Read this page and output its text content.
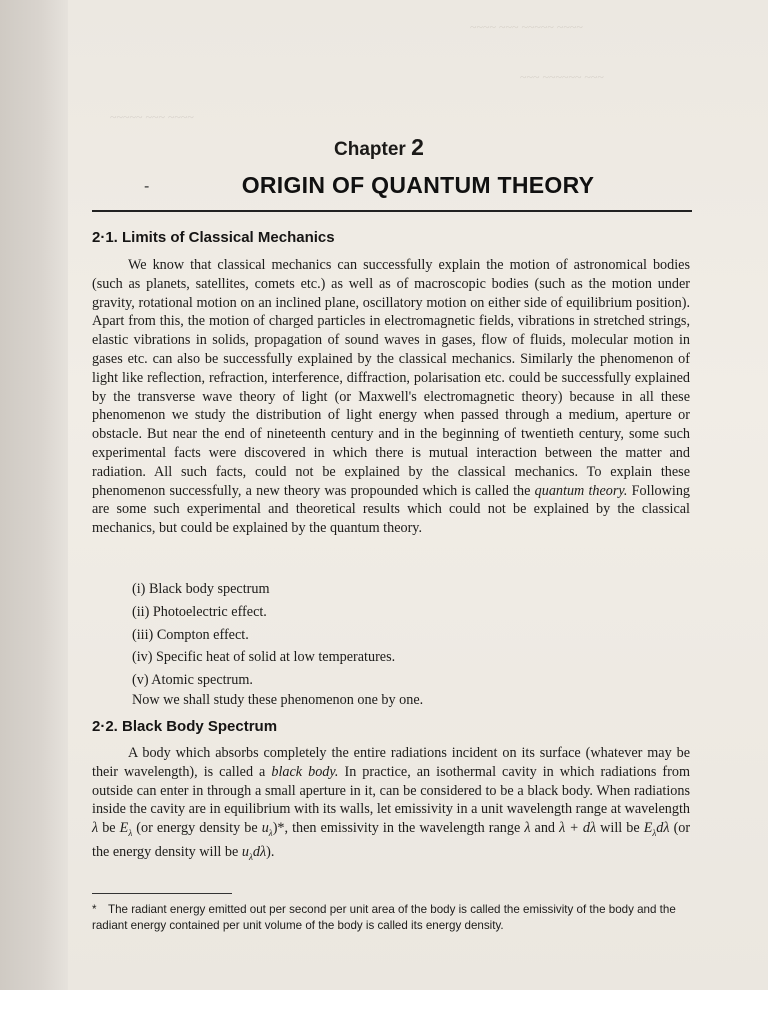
~~~~ ~~~ ~~~~~ ~~~~
~~~ ~~~~~~ ~~~
~~~~~ ~~~ ~~~~
Chapter 2
-	ORIGIN OF QUANTUM THEORY
2·1. Limits of Classical Mechanics

We know that classical mechanics can successfully explain the motion of astronomical bodies (such as planets, satellites, comets etc.) as well as of macroscopic bodies (such as the motion under gravity, rotational motion on an inclined plane, oscillatory motion on either side of equilibrium position). Apart from this, the motion of charged particles in electromagnetic fields, vibrations in stretched strings, elastic vibrations in solids, propagation of sound waves in gases, flow of fluids, molecular motion in gases etc. can also be successfully explained by the classical mechanics. Similarly the phenomenon of light like reflection, refraction, interference, diffraction, polarisation etc. could be successfully explained by the transverse wave theory of light (or Maxwell's electromagnetic theory) because in all these phenomenon we study the distribution of light energy when passed through a medium, aperture or obstacle. But near the end of nineteenth century and in the beginning of twentieth century, some such experimental facts were discovered in which there is mutual interaction between the matter and radiation. All such facts, could not be explained by the classical mechanics. To explain these phenomenon successfully, a new theory was propounded which is called the quantum theory. Following are some such experimental and theoretical results which could not be explained by the classical mechanics, but could be explained by the quantum theory.

(i) Black body spectrum
(ii) Photoelectric effect.
(iii) Compton effect.
(iv) Specific heat of solid at low temperatures.
(v) Atomic spectrum.
Now we shall study these phenomenon one by one.
2·2. Black Body Spectrum

A body which absorbs completely the entire radiations incident on its surface (whatever may be their wavelength), is called a black body. In practice, an isothermal cavity in which radiations from outside can enter in through a small aperture in it, can be considered to be a black body. When radiations inside the cavity are in equilibrium with its walls, let emissivity in a unit wavelength range at wavelength λ be $E_\lambda$ (or energy density be $u_\lambda)*$, then emissivity in the wavelength range λ and λ + dλ will be $E_\lambda d\lambda$ (or the energy density will be $u_\lambda d\lambda$).

* The radiant energy emitted out per second per unit area of the body is called the emissivity of the body and the radiant energy contained per unit volume of the body is called its energy density.
